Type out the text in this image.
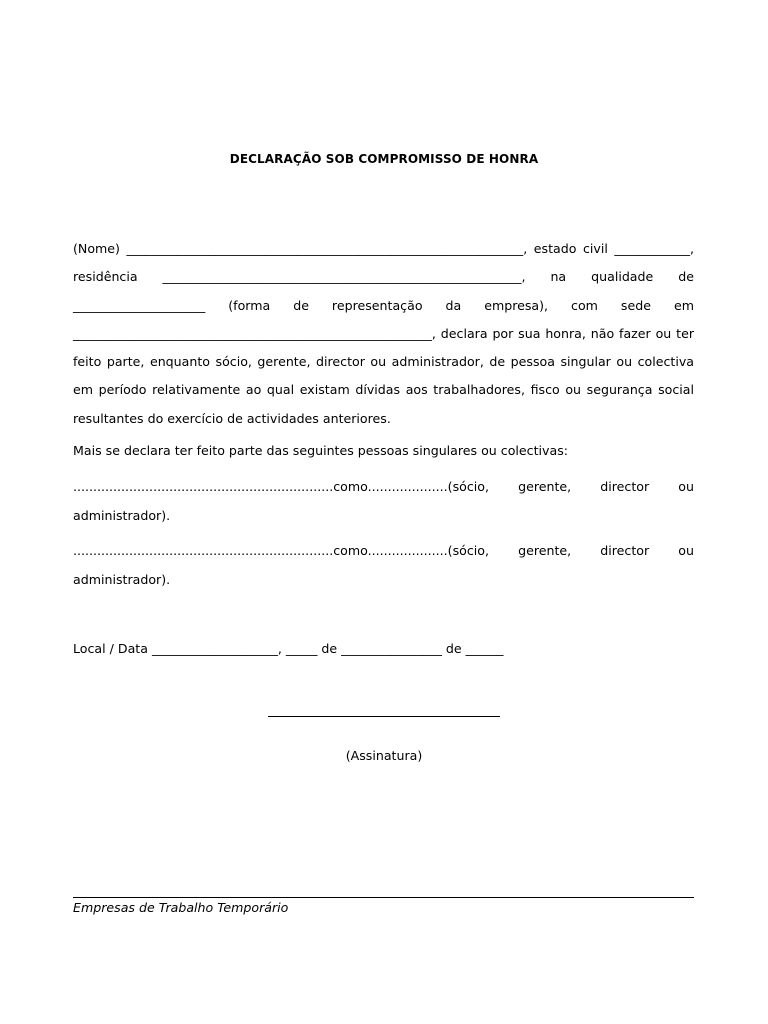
DECLARAÇÃO SOB COMPROMISSO DE HONRA
(Nome) _______________________________________________________________, estado civil ____________, residência _________________________________________________________, na qualidade de _____________________ (forma de representação da empresa), com sede em _________________________________________________________, declara por sua honra, não fazer ou ter feito parte, enquanto sócio, gerente, director ou administrador, de pessoa singular ou colectiva em período relativamente ao qual existam dívidas aos trabalhadores, fisco ou segurança social resultantes do exercício de actividades anteriores.
Mais se declara ter feito parte das seguintes pessoas singulares ou colectivas:
.................................................................como....................(sócio, gerente, director ou administrador).
.................................................................como....................(sócio, gerente, director ou administrador).
Local / Data ____________________, _____ de ________________ de ______
(Assinatura)
Empresas de Trabalho Temporário
